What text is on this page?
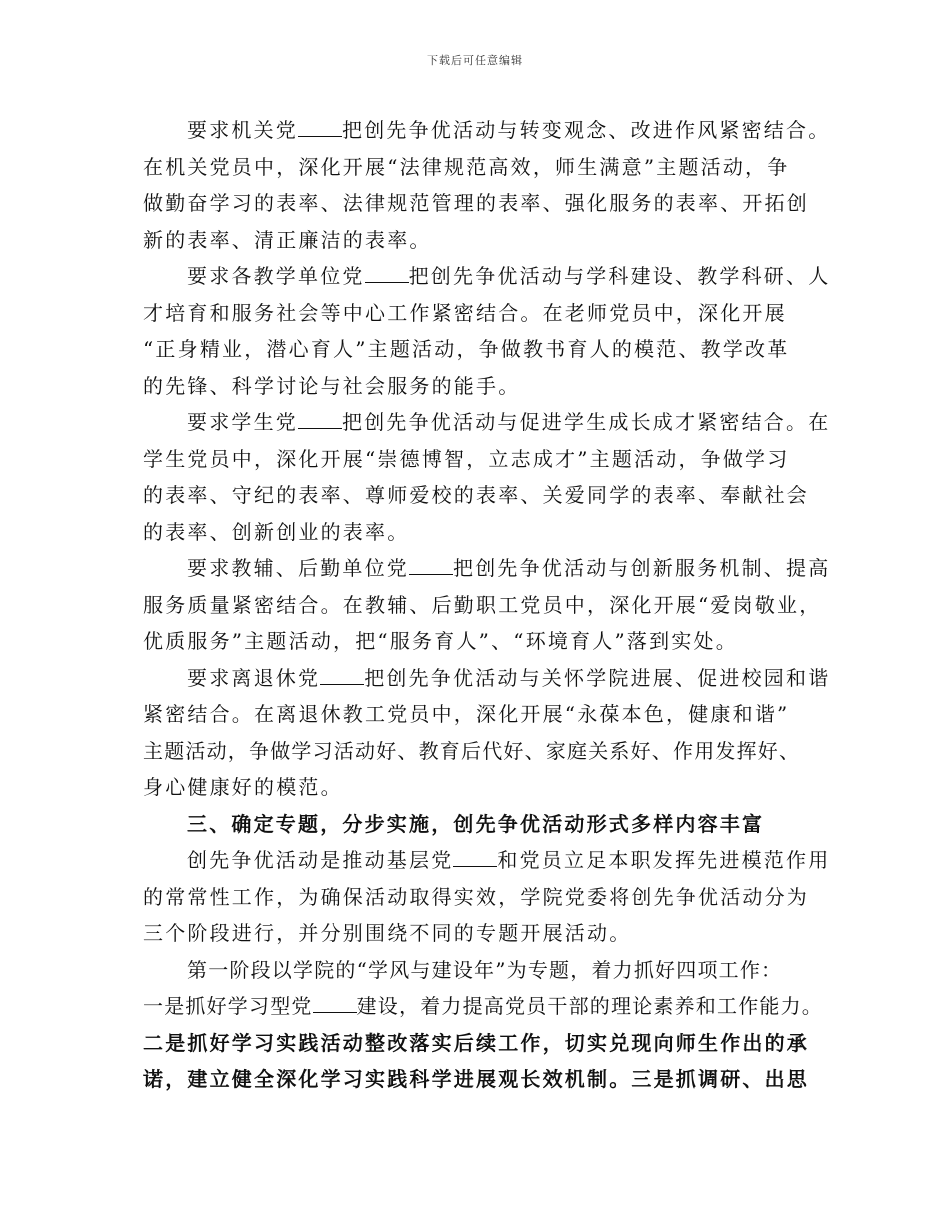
下载后可任意编辑
要求机关党 把创先争优活动与转变观念、改进作风紧密结合。
在机关党员中，深化开展“法律规范高效，师生满意”主题活动，争
做勤奋学习的表率、法律规范管理的表率、强化服务的表率、开拓创
新的表率、清正廉洁的表率。
要求各教学单位党 把创先争优活动与学科建设、教学科研、人
才培育和服务社会等中心工作紧密结合。在老师党员中，深化开展
“正身精业，潜心育人”主题活动，争做教书育人的模范、教学改革
的先锋、科学讨论与社会服务的能手。
要求学生党 把创先争优活动与促进学生成长成才紧密结合。在
学生党员中，深化开展“崇德博智，立志成才”主题活动，争做学习
的表率、守纪的表率、尊师爱校的表率、关爱同学的表率、奉献社会
的表率、创新创业的表率。
要求教辅、后勤单位党 把创先争优活动与创新服务机制、提高
服务质量紧密结合。在教辅、后勤职工党员中，深化开展“爱岗敬业，
优质服务”主题活动，把“服务育人”、“环境育人”落到实处。
要求离退休党 把创先争优活动与关怀学院进展、促进校园和谐
紧密结合。在离退休教工党员中，深化开展“永葆本色，健康和谐”
主题活动，争做学习活动好、教育后代好、家庭关系好、作用发挥好、
身心健康好的模范。
三、确定专题，分步实施，创先争优活动形式多样内容丰富
创先争优活动是推动基层党 和党员立足本职发挥先进模范作用
的常常性工作，为确保活动取得实效，学院党委将创先争优活动分为
三个阶段进行，并分别围绕不同的专题开展活动。
第一阶段以学院的“学风与建设年”为专题，着力抓好四项工作：
一是抓好学习型党 建设，着力提高党员干部的理论素养和工作能力。
二是抓好学习实践活动整改落实后续工作，切实兑现向师生作出的承
诺，建立健全深化学习实践科学进展观长效机制。三是抓调研、出思
